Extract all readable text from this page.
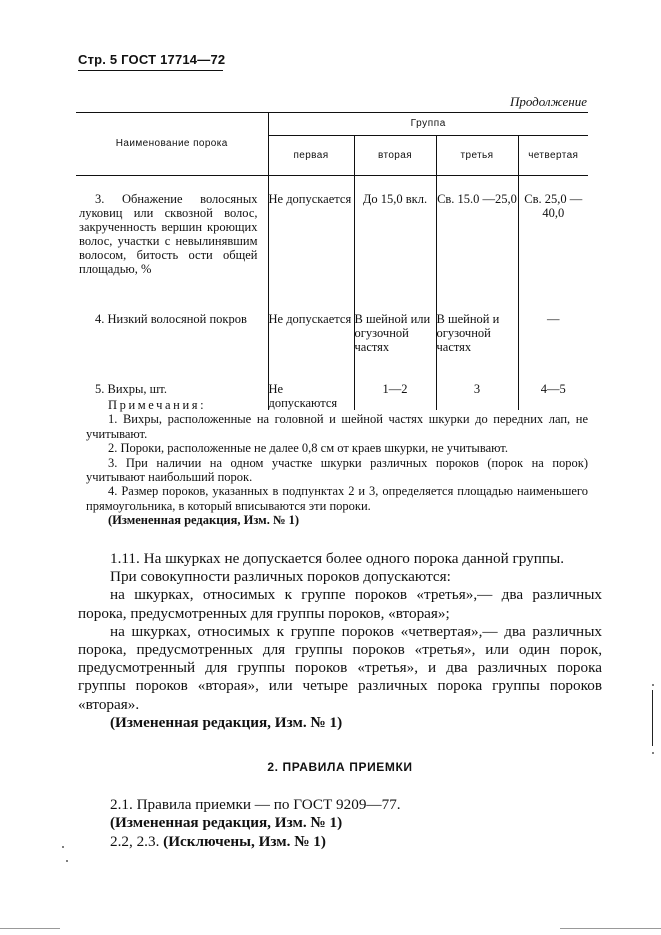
Стр. 5 ГОСТ 17714—72
Продолжение
Наименование порока	Группа			
	первая	вторая	третья	четвертая

3. Обнажение волосяных луковиц или сквозной волос, закрученность вершин кроющих волос, участки с невылинявшим волосом, битость ости общей площадью, %	Не допускается	До 15,0 вкл.	Св. 15.0 —25,0	Св. 25,0 —40,0

4. Низкий волосяной покров	Не допускается	В шейной или огузочной частях	В шейной и огузочной частях	—

5. Вихры, шт.	Не допускаются	1—2	3	4—5

Примечания:

1. Вихры, расположенные на головной и шейной частях шкурки до передних лап, не учитывают.

2. Пороки, расположенные не далее 0,8 см от краев шкурки, не учитывают.

3. При наличии на одном участке шкурки различных пороков (порок на порок) учитывают наибольший порок.

4. Размер пороков, указанных в подпунктах 2 и 3, определяется площадью наименьшего прямоугольника, в который вписываются эти пороки.

(Измененная редакция, Изм. № 1)

1.11. На шкурках не допускается более одного порока данной группы.

При совокупности различных пороков допускаются:

на шкурках, относимых к группе пороков «третья»,— два различных порока, предусмотренных для группы пороков, «вторая»;

на шкурках, относимых к группе пороков «четвертая»,— два различных порока, предусмотренных для группы пороков «третья», или один порок, предусмотренный для группы пороков «третья», и два различных порока группы пороков «вторая», или четыре различных порока группы пороков «вторая».

(Измененная редакция, Изм. № 1)

2. ПРАВИЛА ПРИЕМКИ

2.1. Правила приемки — по ГОСТ 9209—77.

(Измененная редакция, Изм. № 1)

2.2, 2.3. (Исключены, Изм. № 1)
